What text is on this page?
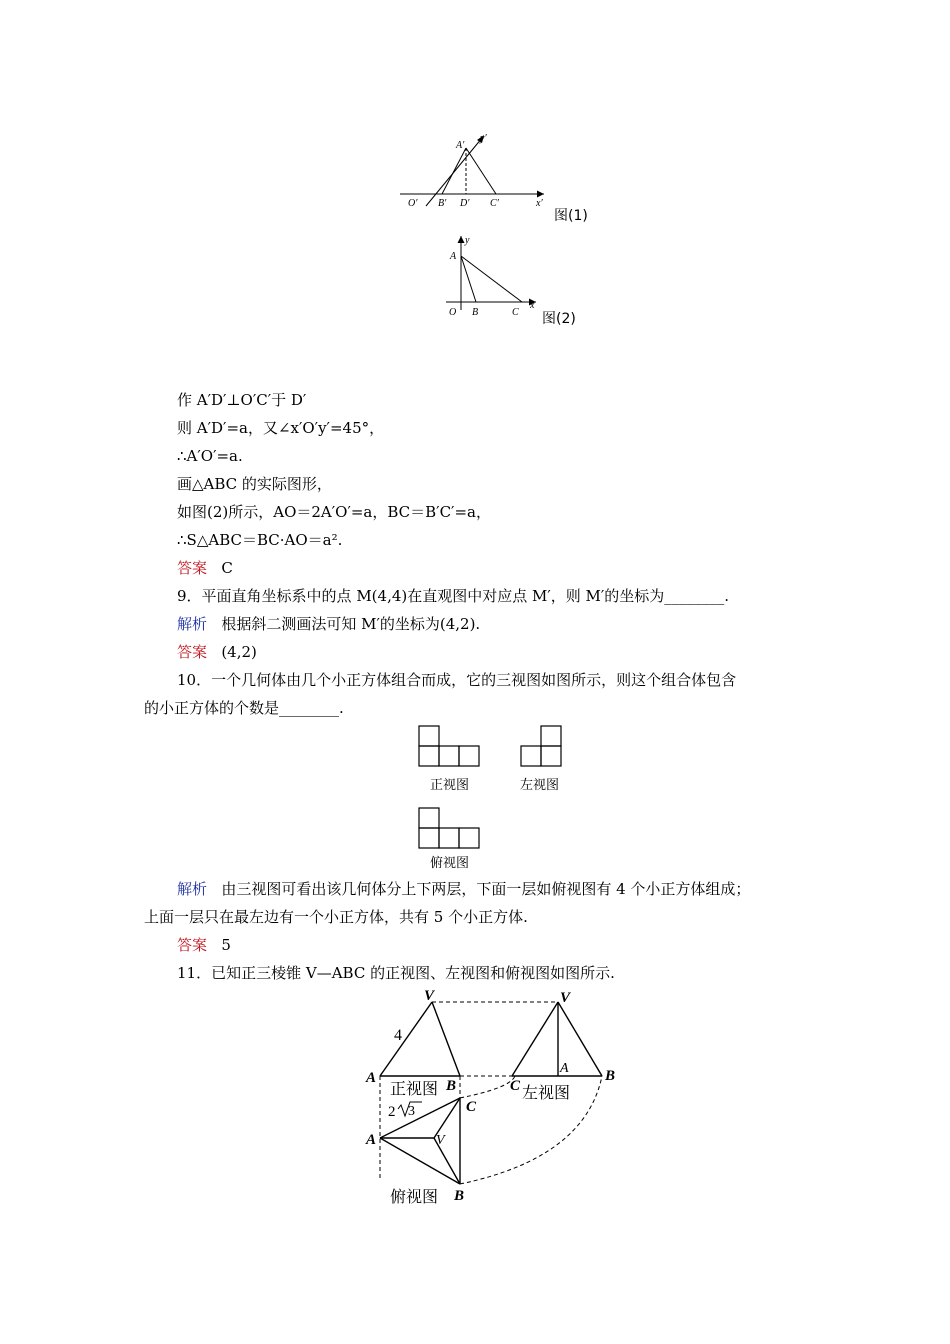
A′
y′
O′ B′ D′ C′	x′
图(1)
y
A
O B	C
x
图(2)
作 A′D′⊥O′C′于 D′
则 A′D′=a，又∠x′O′y′=45°，
∴A′O′=a.
画△ABC 的实际图形，
如图(2)所示，AO＝2A′O′=a，BC＝B′C′=a，
∴S△ABC＝BC·AO＝a².
答案 C
9．平面直角坐标系中的点 M(4,4)在直观图中对应点 M′，则 M′的坐标为________.
解析 根据斜二测画法可知 M′的坐标为(4,2).
答案 (4,2)
10．一个几何体由几个小正方体组合而成，它的三视图如图所示，则这个组合体包含
的小正方体的个数是________.
正视图	左视图
俯视图
解析 由三视图可看出该几何体分上下两层，下面一层如俯视图有 4 个小正方体组成；
上面一层只在最左边有一个小正方体，共有 5 个小正方体.
答案 5
11．已知正三棱锥 V—ABC 的正视图、左视图和俯视图如图所示.
V	V
4
A	B
正视图	C
A B
左视图
2 3	C
A	V
B
俯视图
